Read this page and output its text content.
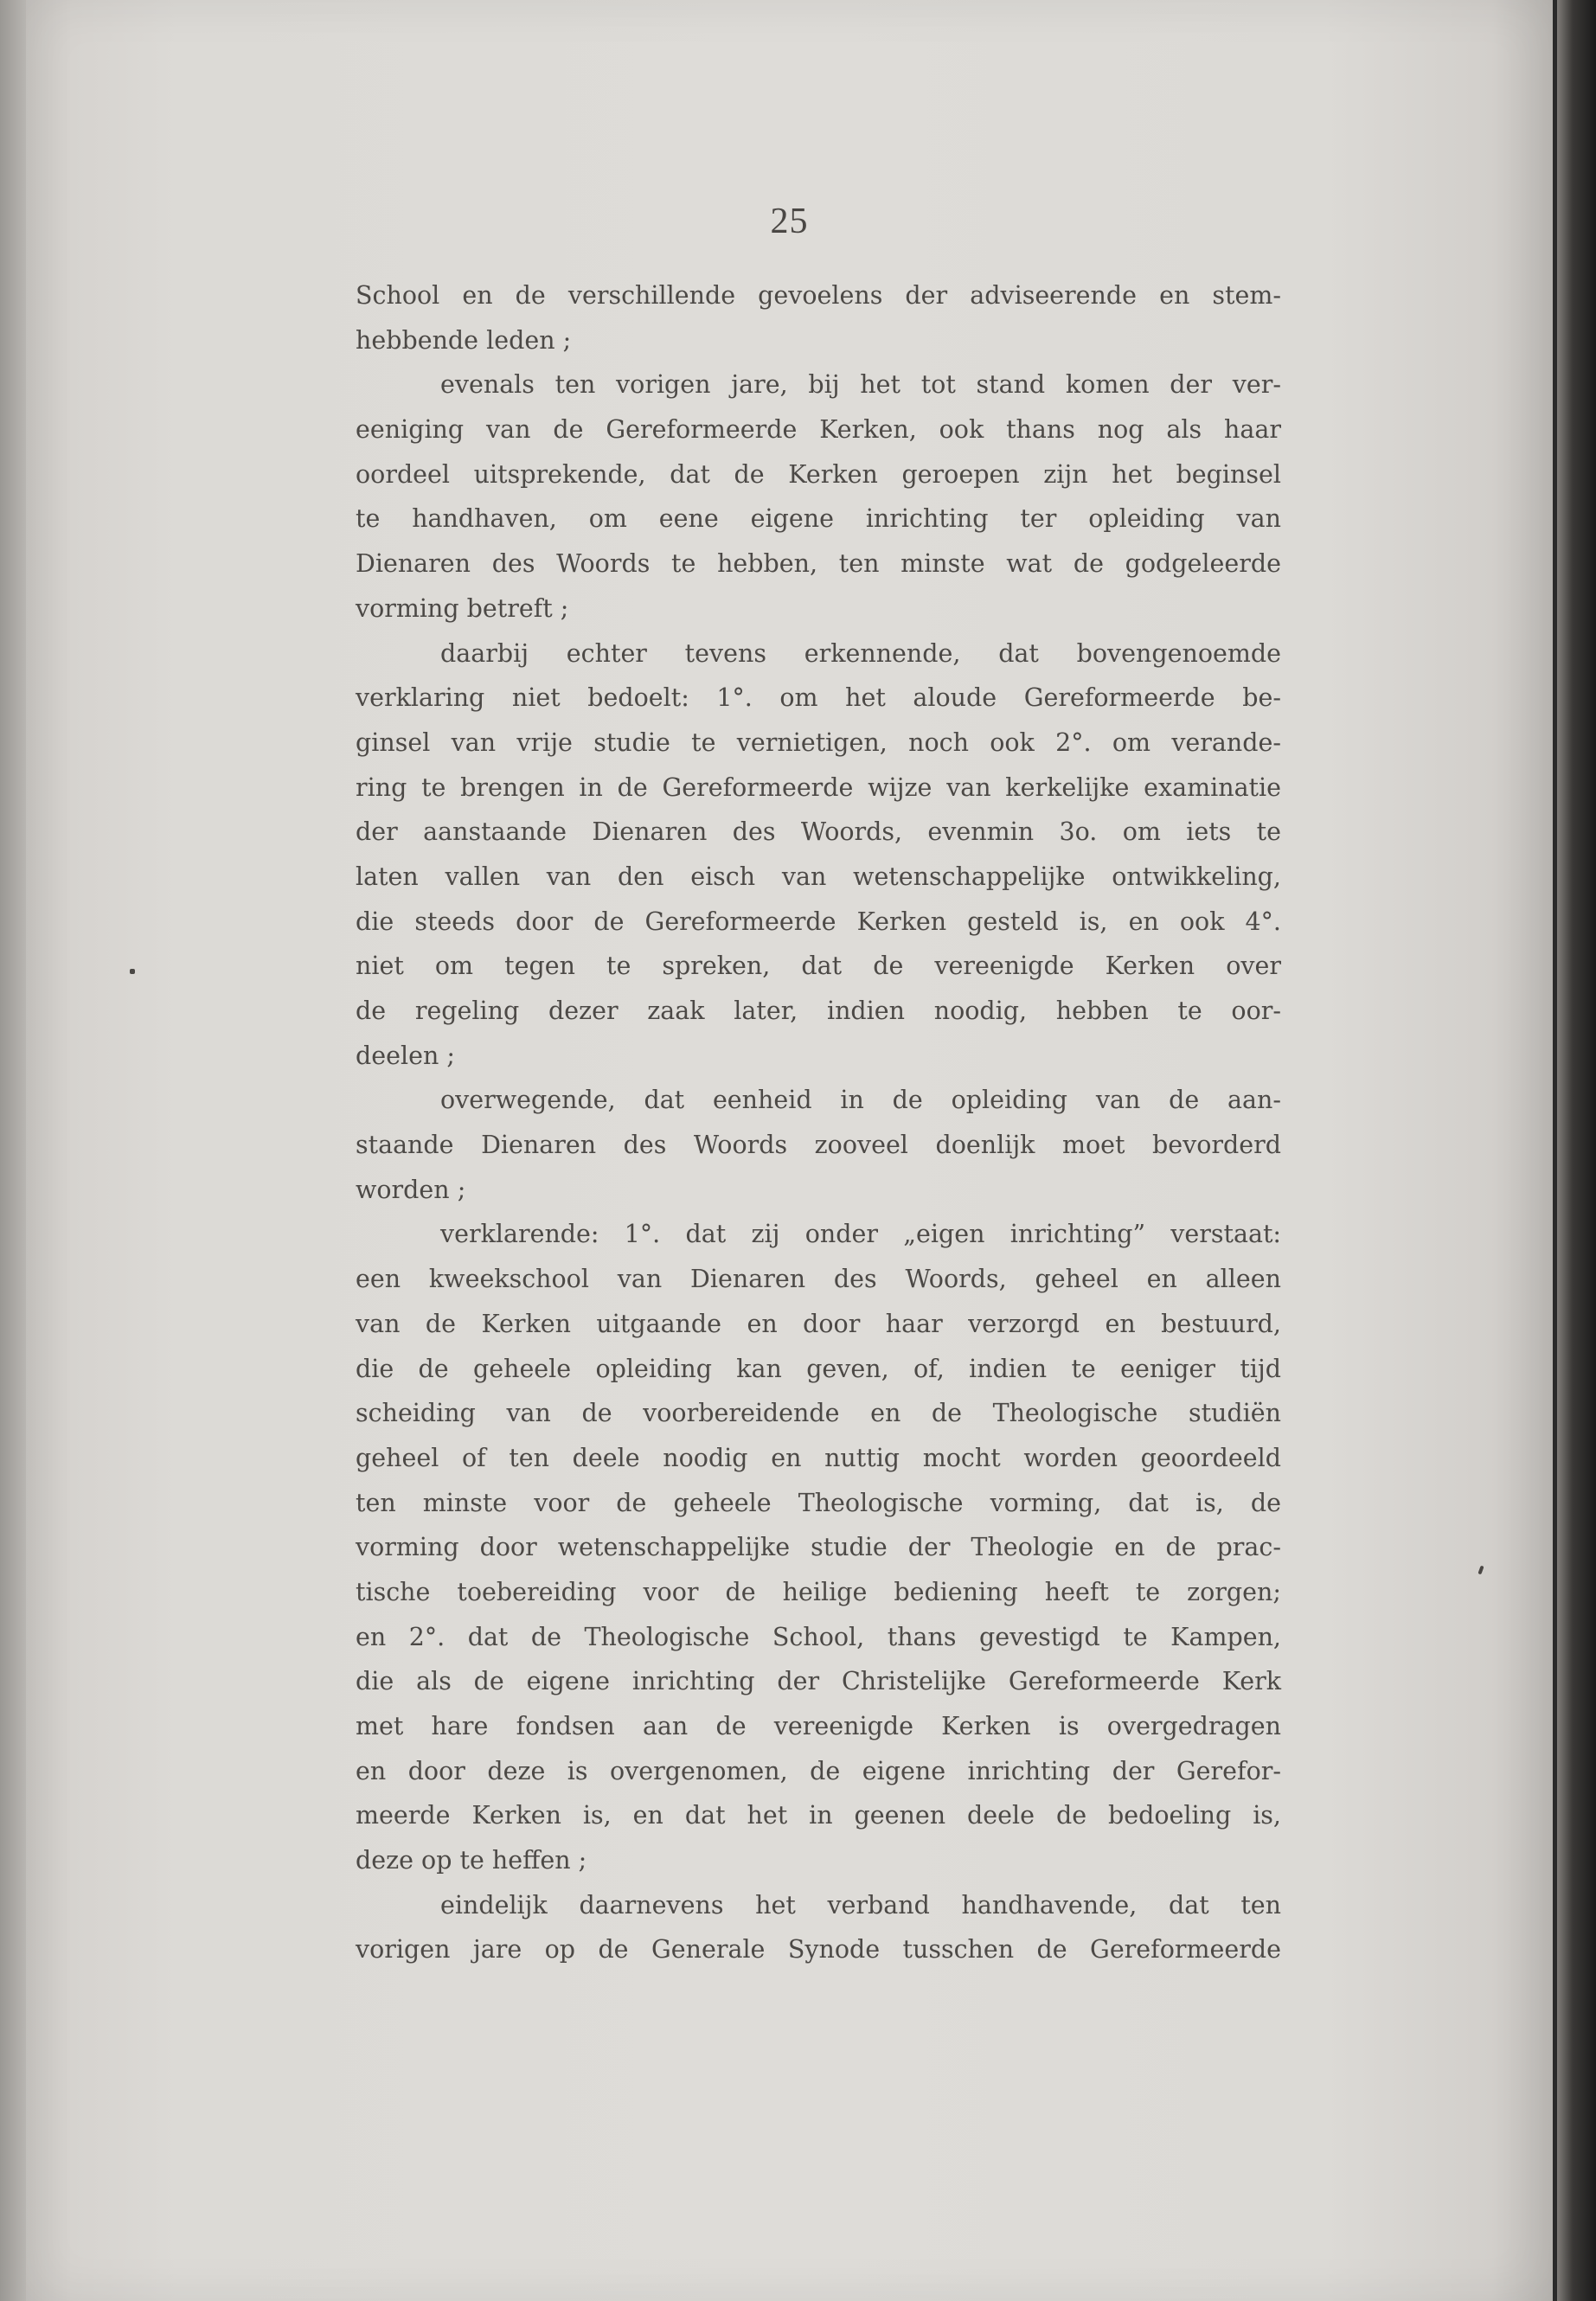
25
School en de verschillende gevoelens der adviseerende en stem-
hebbende leden ;
evenals ten vorigen jare, bij het tot stand komen der ver-
eeniging van de Gereformeerde Kerken, ook thans nog als haar
oordeel uitsprekende, dat de Kerken geroepen zijn het beginsel
te handhaven, om eene eigene inrichting ter opleiding van
Dienaren des Woords te hebben, ten minste wat de godgeleerde
vorming betreft ;
daarbij echter tevens erkennende, dat bovengenoemde
verklaring niet bedoelt: 1°. om het aloude Gereformeerde be-
ginsel van vrije studie te vernietigen, noch ook 2°. om verande-
ring te brengen in de Gereformeerde wijze van kerkelijke examinatie
der aanstaande Dienaren des Woords, evenmin 3o. om iets te
laten vallen van den eisch van wetenschappelijke ontwikkeling,
die steeds door de Gereformeerde Kerken gesteld is, en ook 4°.
niet om tegen te spreken, dat de vereenigde Kerken over
de regeling dezer zaak later, indien noodig, hebben te oor-
deelen ;
overwegende, dat eenheid in de opleiding van de aan-
staande Dienaren des Woords zooveel doenlijk moet bevorderd
worden ;
verklarende: 1°. dat zij onder „eigen inrichting” verstaat:
een kweekschool van Dienaren des Woords, geheel en alleen
van de Kerken uitgaande en door haar verzorgd en bestuurd,
die de geheele opleiding kan geven, of, indien te eeniger tijd
scheiding van de voorbereidende en de Theologische studiën
geheel of ten deele noodig en nuttig mocht worden geoordeeld
ten minste voor de geheele Theologische vorming, dat is, de
vorming door wetenschappelijke studie der Theologie en de prac-
tische toebereiding voor de heilige bediening heeft te zorgen;
en 2°. dat de Theologische School, thans gevestigd te Kampen,
die als de eigene inrichting der Christelijke Gereformeerde Kerk
met hare fondsen aan de vereenigde Kerken is overgedragen
en door deze is overgenomen, de eigene inrichting der Gerefor-
meerde Kerken is, en dat het in geenen deele de bedoeling is,
deze op te heffen ;
eindelijk daarnevens het verband handhavende, dat ten
vorigen jare op de Generale Synode tusschen de Gereformeerde
